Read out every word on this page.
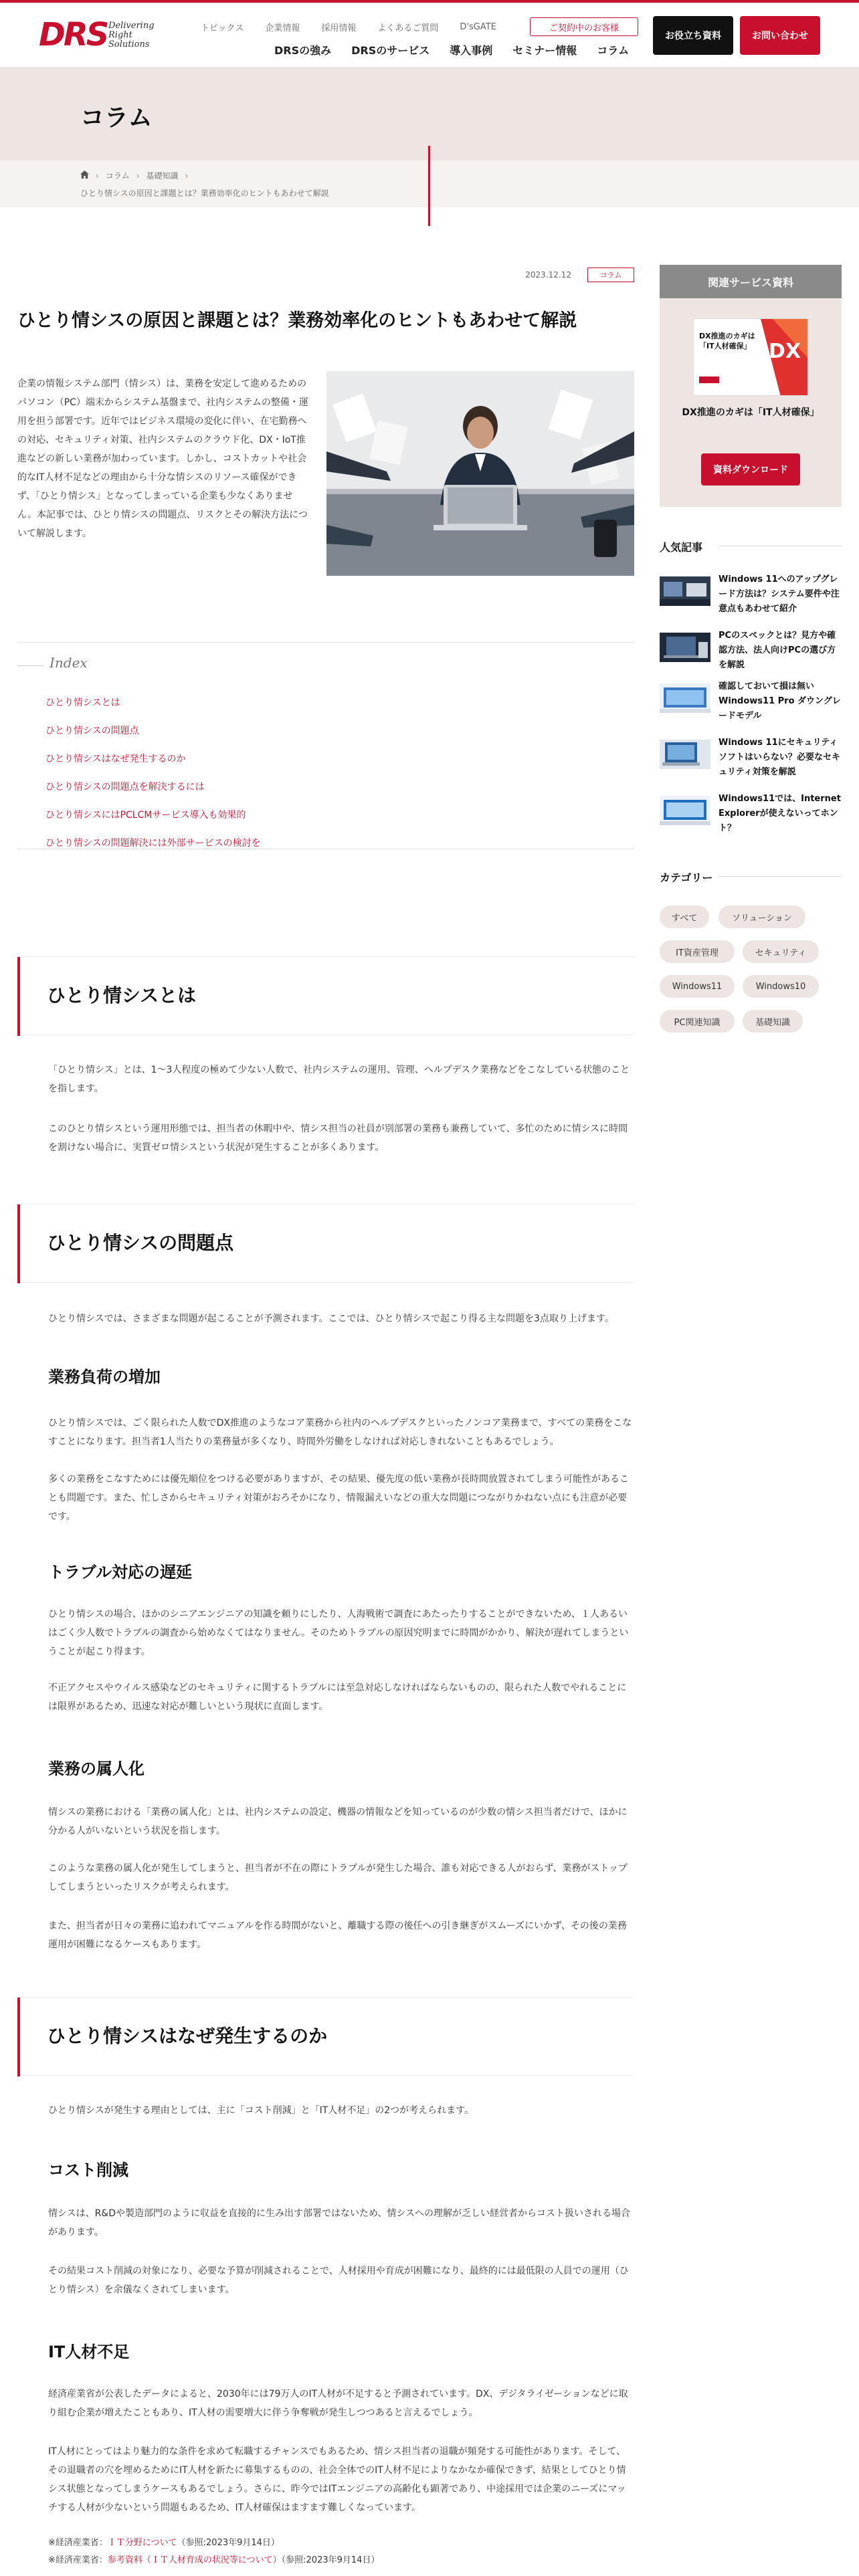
DRS Delivering
Right
Solutions
トピックス 企業情報 採用情報 よくあるご質問 D'sGATE	ご契約中のお客様
DRSの強み DRSのサービス 導入事例 セミナー情報 コラム
お役立ち資料	お問い合わせ
コラム
› コラム › 基礎知識 ›
ひとり情シスの原因と課題とは？業務効率化のヒントもあわせて解説
2023.12.12	コラム
ひとり情シスの原因と課題とは？業務効率化のヒントもあわせて解説

企業の情報システム部門（情シス）は、業務を安定して進めるためのパソコン（PC）端末からシステム基盤まで、社内システムの整備・運用を担う部署です。近年ではビジネス環境の変化に伴い、在宅勤務への対応、セキュリティ対策、社内システムのクラウド化、DX・IoT推進などの新しい業務が加わっています。しかし、コストカットや社会的なIT人材不足などの理由から十分な情シスのリソース確保ができず、「ひとり情シス」となってしまっている企業も少なくありません。本記事では、ひとり情シスの問題点、リスクとその解決方法について解説します。

Index
ひとり情シスとは
ひとり情シスの問題点
ひとり情シスはなぜ発生するのか
ひとり情シスの問題点を解決するには
ひとり情シスにはPCLCMサービス導入も効果的
ひとり情シスの問題解決には外部サービスの検討を
ひとり情シスとは

「ひとり情シス」とは、1〜3人程度の極めて少ない人数で、社内システムの運用、管理、ヘルプデスク業務などをこなしている状態のことを指します。

このひとり情シスという運用形態では、担当者の休暇中や、情シス担当の社員が別部署の業務も兼務していて、多忙のために情シスに時間を割けない場合に、実質ゼロ情シスという状況が発生することが多くあります。

ひとり情シスの問題点

ひとり情シスでは、さまざまな問題が起こることが予測されます。ここでは、ひとり情シスで起こり得る主な問題を3点取り上げます。

業務負荷の増加

ひとり情シスでは、ごく限られた人数でDX推進のようなコア業務から社内のヘルプデスクといったノンコア業務まで、すべての業務をこなすことになります。担当者1人当たりの業務量が多くなり、時間外労働をしなければ対応しきれないこともあるでしょう。

多くの業務をこなすためには優先順位をつける必要がありますが、その結果、優先度の低い業務が長時間放置されてしまう可能性があることも問題です。また、忙しさからセキュリティ対策がおろそかになり、情報漏えいなどの重大な問題につながりかねない点にも注意が必要です。

トラブル対応の遅延

ひとり情シスの場合、ほかのシニアエンジニアの知識を頼りにしたり、人海戦術で調査にあたったりすることができないため、１人あるいはごく少人数でトラブルの調査から始めなくてはなりません。そのためトラブルの原因究明までに時間がかかり、解決が遅れてしまうということが起こり得ます。

不正アクセスやウイルス感染などのセキュリティに関するトラブルには至急対応しなければならないものの、限られた人数でやれることには限界があるため、迅速な対応が難しいという現状に直面します。

業務の属人化

情シスの業務における「業務の属人化」とは、社内システムの設定、機器の情報などを知っているのが少数の情シス担当者だけで、ほかに分かる人がいないという状況を指します。

このような業務の属人化が発生してしまうと、担当者が不在の際にトラブルが発生した場合、誰も対応できる人がおらず、業務がストップしてしまうといったリスクが考えられます。

また、担当者が日々の業務に追われてマニュアルを作る時間がないと、離職する際の後任への引き継ぎがスムーズにいかず、その後の業務運用が困難になるケースもあります。

ひとり情シスはなぜ発生するのか

ひとり情シスが発生する理由としては、主に「コスト削減」と「IT人材不足」の2つが考えられます。

コスト削減

情シスは、R&Dや製造部門のように収益を直接的に生み出す部署ではないため、情シスへの理解が乏しい経営者からコスト扱いされる場合があります。

その結果コスト削減の対象になり、必要な予算が削減されることで、人材採用や育成が困難になり、最終的には最低限の人員での運用（ひとり情シス）を余儀なくされてしまいます。

IT人材不足

経済産業省が公表したデータによると、2030年には79万人のIT人材が不足すると予測されています。DX、デジタライゼーションなどに取り組む企業が増えたこともあり、IT人材の需要増大に伴う争奪戦が発生しつつあると言えるでしょう。

IT人材にとってはより魅力的な条件を求めて転職するチャンスでもあるため、情シス担当者の退職が頻発する可能性があります。そして、その退職者の穴を埋めるためにIT人材を新たに募集するものの、社会全体でのIT人材不足によりなかなか確保できず、結果としてひとり情シス状態となってしまうケースもあるでしょう。さらに、昨今ではITエンジニアの高齢化も顕著であり、中途採用では企業のニーズにマッチする人材が少ないという問題もあるため、IT人材確保はますます難しくなっています。

※経済産業省：ＩＴ分野について（参照:2023年9月14日）
※経済産業省：参考資料（ＩＴ人材育成の状況等について）（参照:2023年9月14日）
関連サービス資料
DX
DX推進のカギは「IT人材確保」
DX推進のカギは「IT人材確保」
資料ダウンロード
人気記事
Windows 11へのアップグレード方法は？システム要件や注意点もあわせて紹介
PCのスペックとは？見方や確認方法、法人向けPCの選び方を解説
確認しておいて損は無いWindows11 Pro ダウングレードモデル
Windows 11にセキュリティソフトはいらない？必要なセキュリティ対策を解説
Windows11では、Internet Explorerが使えないってホント？
カテゴリー
すべて	ソリューション
IT資産管理	セキュリティ
Windows11	Windows10
PC関連知識	基礎知識
